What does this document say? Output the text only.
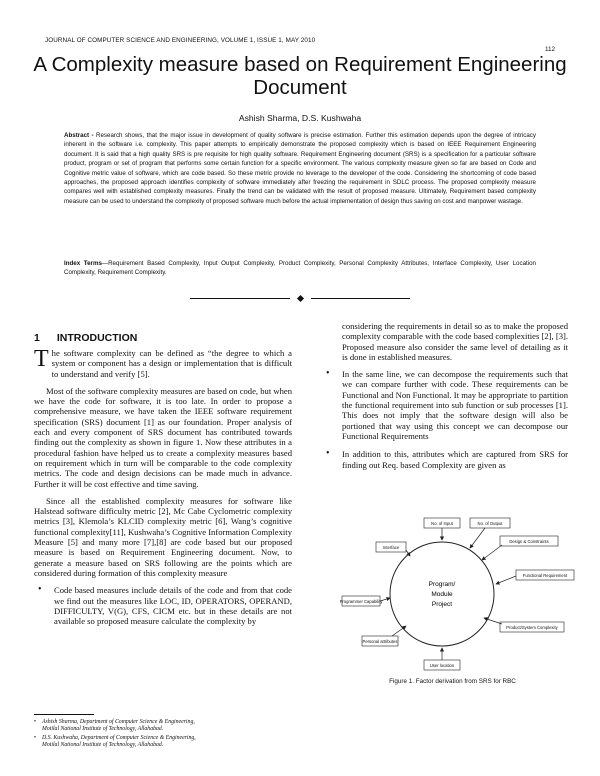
JOURNAL OF COMPUTER SCIENCE AND ENGINEERING, VOLUME 1, ISSUE 1, MAY 2010
112
A Complexity measure based on Requirement Engineering Document
Ashish Sharma, D.S. Kushwaha
Abstract - Research shows, that the major issue in development of quality software is precise estimation. Further this estimation depends upon the degree of intricacy inherent in the software i.e. complexity. This paper attempts to empirically demonstrate the proposed complexity which is based on IEEE Requirement Engineering document. It is said that a high quality SRS is pre requisite for high quality software. Requirement Engineering document (SRS) is a specification for a particular software product, program or set of program that performs some certain function for a specific environment. The various complexity measure given so far are based on Code and Cognitive metric value of software, which are code based. So these metric provide no leverage to the developer of the code. Considering the shortcoming of code based approaches, the proposed approach identifies complexity of software immediately after freezing the requirement in SDLC process. The proposed complexity measure compares well with established complexity measures. Finally the trend can be validated with the result of proposed measure. Ultimately, Requirement based complexity measure can be used to understand the complexity of proposed software much before the actual implementation of design thus saving on cost and manpower wastage.
Index Terms—Requirement Based Complexity, Input Output Complexity, Product Complexity, Personal Complexity Attributes, Interface Complexity, User Location Complexity, Requirement Complexity.
1 INTRODUCTION

The software complexity can be defined as “the degree to which a system or component has a design or implementation that is difficult to understand and verify [5].

Most of the software complexity measures are based on code, but when we have the code for software, it is too late. In order to propose a comprehensive measure, we have taken the IEEE software requirement specification (SRS) document [1] as our foundation. Proper analysis of each and every component of SRS document has contributed towards finding out the complexity as shown in figure 1. Now these attributes in a procedural fashion have helped us to create a complexity measures based on requirement which in turn will be comparable to the code complexity metrics. The code and design decisions can be made much in advance. Further it will be cost effective and time saving.

Since all the established complexity measures for software like Halstead software difficulty metric [2], Mc Cabe Cyclometric complexity metrics [3], Klemola’s KLCID complexity metric [6], Wang’s cognitive functional complexity[11], Kushwaha’s Cognitive Information Complexity Measure [5] and many more [7],[8] are code based but our proposed measure is based on Requirement Engineering document. Now, to generate a measure based on SRS following are the points which are considered during formation of this complexity measure

• Code based measures include details of the code and from that code we find out the measures like LOC, ID, OPERATORS, OPERAND, DIFFICULTY, V(G), CFS, CICM etc. but in these details are not available so proposed measure calculate the complexity by

considering the requirements in detail so as to make the proposed complexity comparable with the code based complexities [2], [3]. Proposed measure also consider the same level of detailing as it is done in established measures.

• In the same line, we can decompose the requirements such that we can compare further with code. These requirements can be Functional and Non Functional. It may be appropriate to partition the functional requirement into sub function or sub processes [1]. This does not imply that the software design will also be portioned that way using this concept we can decompose our Functional Requirements
• In addition to this, attributes which are captured from SRS for finding out Req. based Complexity are given as
Program/
Module
Project
No. of Input	No. of Output
Interface
Design & Constraints
Functional Requirement
Programmer Capability
Personal attributes
User location
Product/System Complexity
Figure 1. Factor derivation from SRS for RBC
• Ashish Sharma, Department of Computer Science & Engineering,
Motilal National Institute of Technology, Allahabad.
• D.S. Kushwaha, Department of Computer Science & Engineering,
Motilal National Institute of Technology, Allahabad.
